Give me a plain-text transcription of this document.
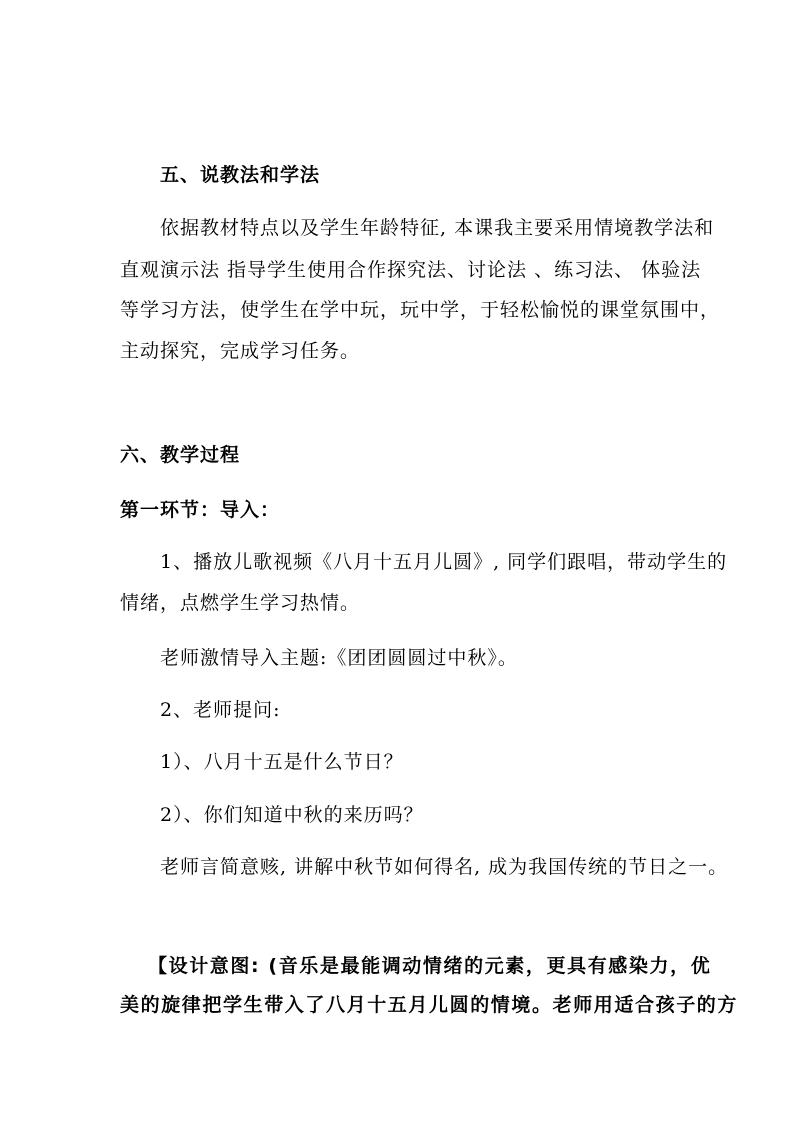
五、说教法和学法
依据教材特点以及学生年龄特征, 本课我主要采用情境教学法和
直观演示法 指导学生使用合作探究法、讨论法 、练习法、 体验法
等学习方法，使学生在学中玩，玩中学，于轻松愉悦的课堂氛围中，
主动探究，完成学习任务。
六、教学过程
第一环节：导入：
1、播放儿歌视频《八月十五月儿圆》, 同学们跟唱，带动学生的
情绪，点燃学生学习热情。
老师激情导入主题:《团团圆圆过中秋》。
2、老师提问:
1）、八月十五是什么节日？
2）、你们知道中秋的来历吗？
老师言简意赅, 讲解中秋节如何得名, 成为我国传统的节日之一。
【设计意图: (音乐是最能调动情绪的元素，更具有感染力，优
美的旋律把学生带入了八月十五月儿圆的情境。老师用适合孩子的方
